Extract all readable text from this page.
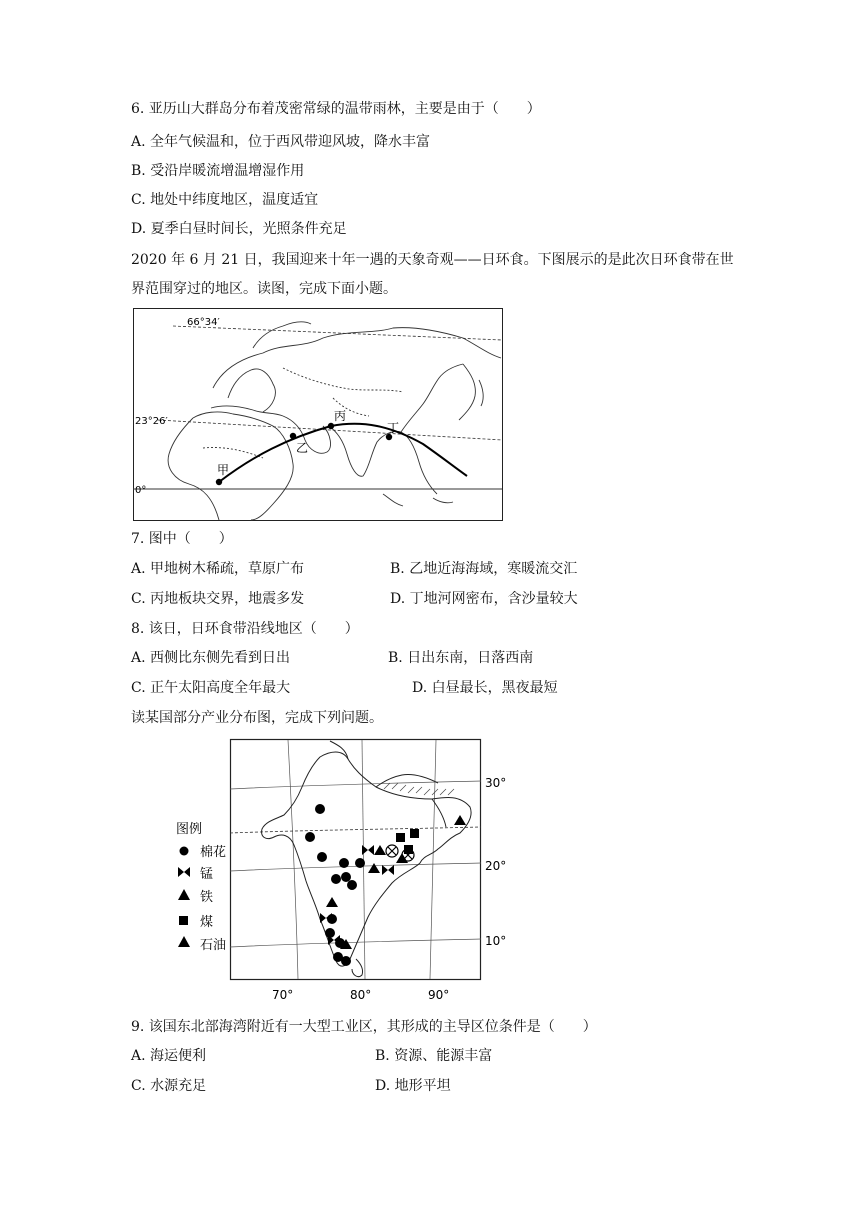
6. 亚历山大群岛分布着茂密常绿的温带雨林，主要是由于（　　）
A. 全年气候温和，位于西风带迎风坡，降水丰富
B. 受沿岸暖流增温增湿作用
C. 地处中纬度地区，温度适宜
D. 夏季白昼时间长，光照条件充足
2020 年 6 月 21 日，我国迎来十年一遇的天象奇观——日环食。下图展示的是此次日环食带在世
界范围穿过的地区。读图，完成下面小题。
66°34′
23°26′
0°
甲
乙
丙
丁
7. 图中（　　）
A. 甲地树木稀疏，草原广布	B. 乙地近海海域，寒暖流交汇
C. 丙地板块交界，地震多发	D. 丁地河网密布，含沙量较大
8. 该日，日环食带沿线地区（　　）
A. 西侧比东侧先看到日出	B. 日出东南，日落西南
C. 正午太阳高度全年最大	D. 白昼最长，黑夜最短
读某国部分产业分布图，完成下列问题。
图例
棉花
锰
铁
煤
石油
30°
20°
10°
70°	80°	90°
9. 该国东北部海湾附近有一大型工业区，其形成的主导区位条件是（　　）
A. 海运便利	B. 资源、能源丰富
C. 水源充足	D. 地形平坦
